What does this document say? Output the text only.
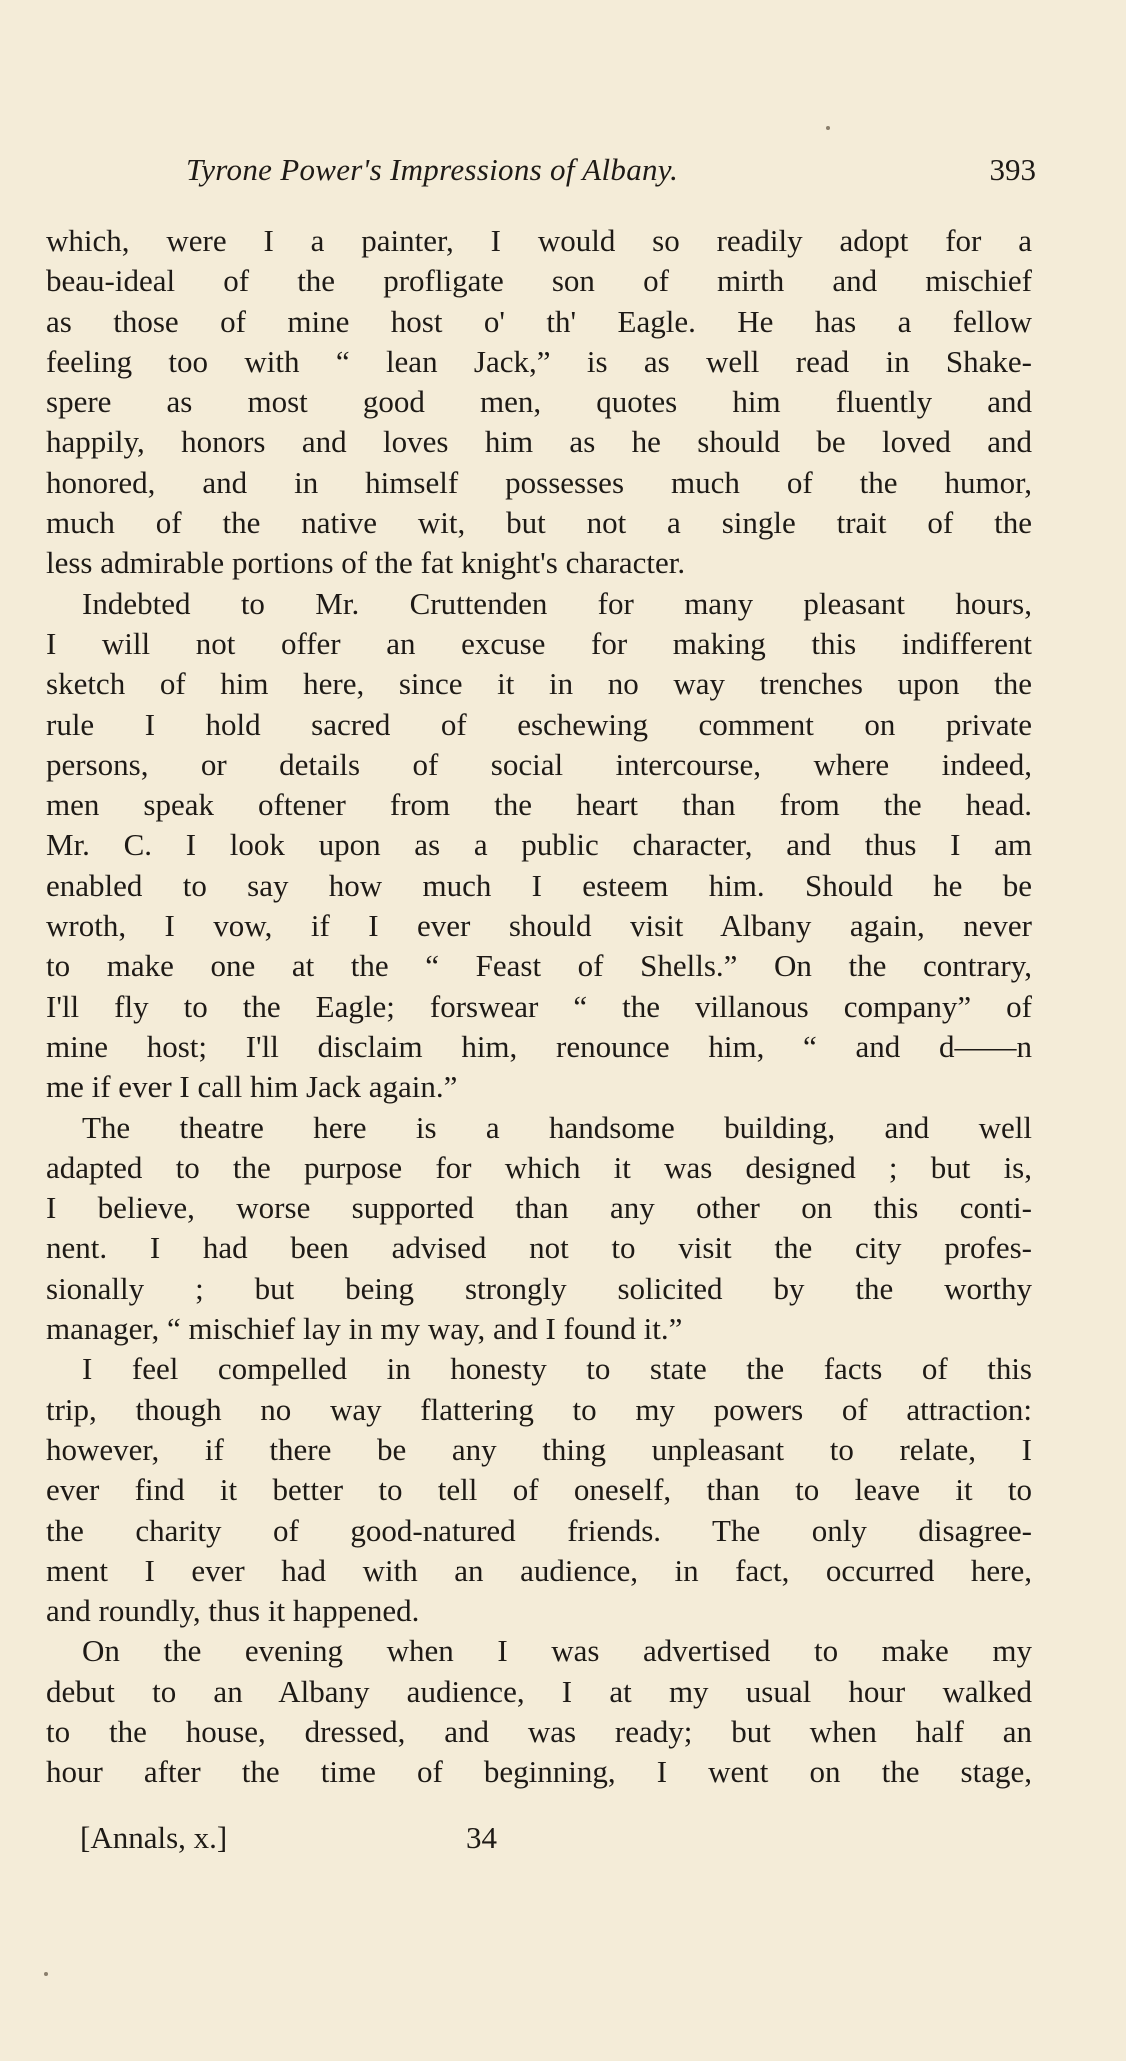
Tyrone Power's Impressions of Albany.	393
which, were I a painter, I would so readily adopt for a
beau-ideal of the profligate son of mirth and mischief
as those of mine host o' th' Eagle. He has a fellow
feeling too with “ lean Jack,” is as well read in Shake-
spere as most good men, quotes him fluently and
happily, honors and loves him as he should be loved and
honored, and in himself possesses much of the humor,
much of the native wit, but not a single trait of the
less admirable portions of the fat knight's character.
Indebted to Mr. Cruttenden for many pleasant hours,
I will not offer an excuse for making this indifferent
sketch of him here, since it in no way trenches upon the
rule I hold sacred of eschewing comment on private
persons, or details of social intercourse, where indeed,
men speak oftener from the heart than from the head.
Mr. C. I look upon as a public character, and thus I am
enabled to say how much I esteem him. Should he be
wroth, I vow, if I ever should visit Albany again, never
to make one at the “ Feast of Shells.” On the contrary,
I'll fly to the Eagle; forswear “ the villanous company” of
mine host; I'll disclaim him, renounce him, “ and d——n
me if ever I call him Jack again.”
The theatre here is a handsome building, and well
adapted to the purpose for which it was designed ; but is,
I believe, worse supported than any other on this conti-
nent. I had been advised not to visit the city profes-
sionally ; but being strongly solicited by the worthy
manager, “ mischief lay in my way, and I found it.”
I feel compelled in honesty to state the facts of this
trip, though no way flattering to my powers of attraction:
however, if there be any thing unpleasant to relate, I
ever find it better to tell of oneself, than to leave it to
the charity of good-natured friends. The only disagree-
ment I ever had with an audience, in fact, occurred here,
and roundly, thus it happened.
On the evening when I was advertised to make my
debut to an Albany audience, I at my usual hour walked
to the house, dressed, and was ready; but when half an
hour after the time of beginning, I went on the stage,
[Annals, x.]	34
